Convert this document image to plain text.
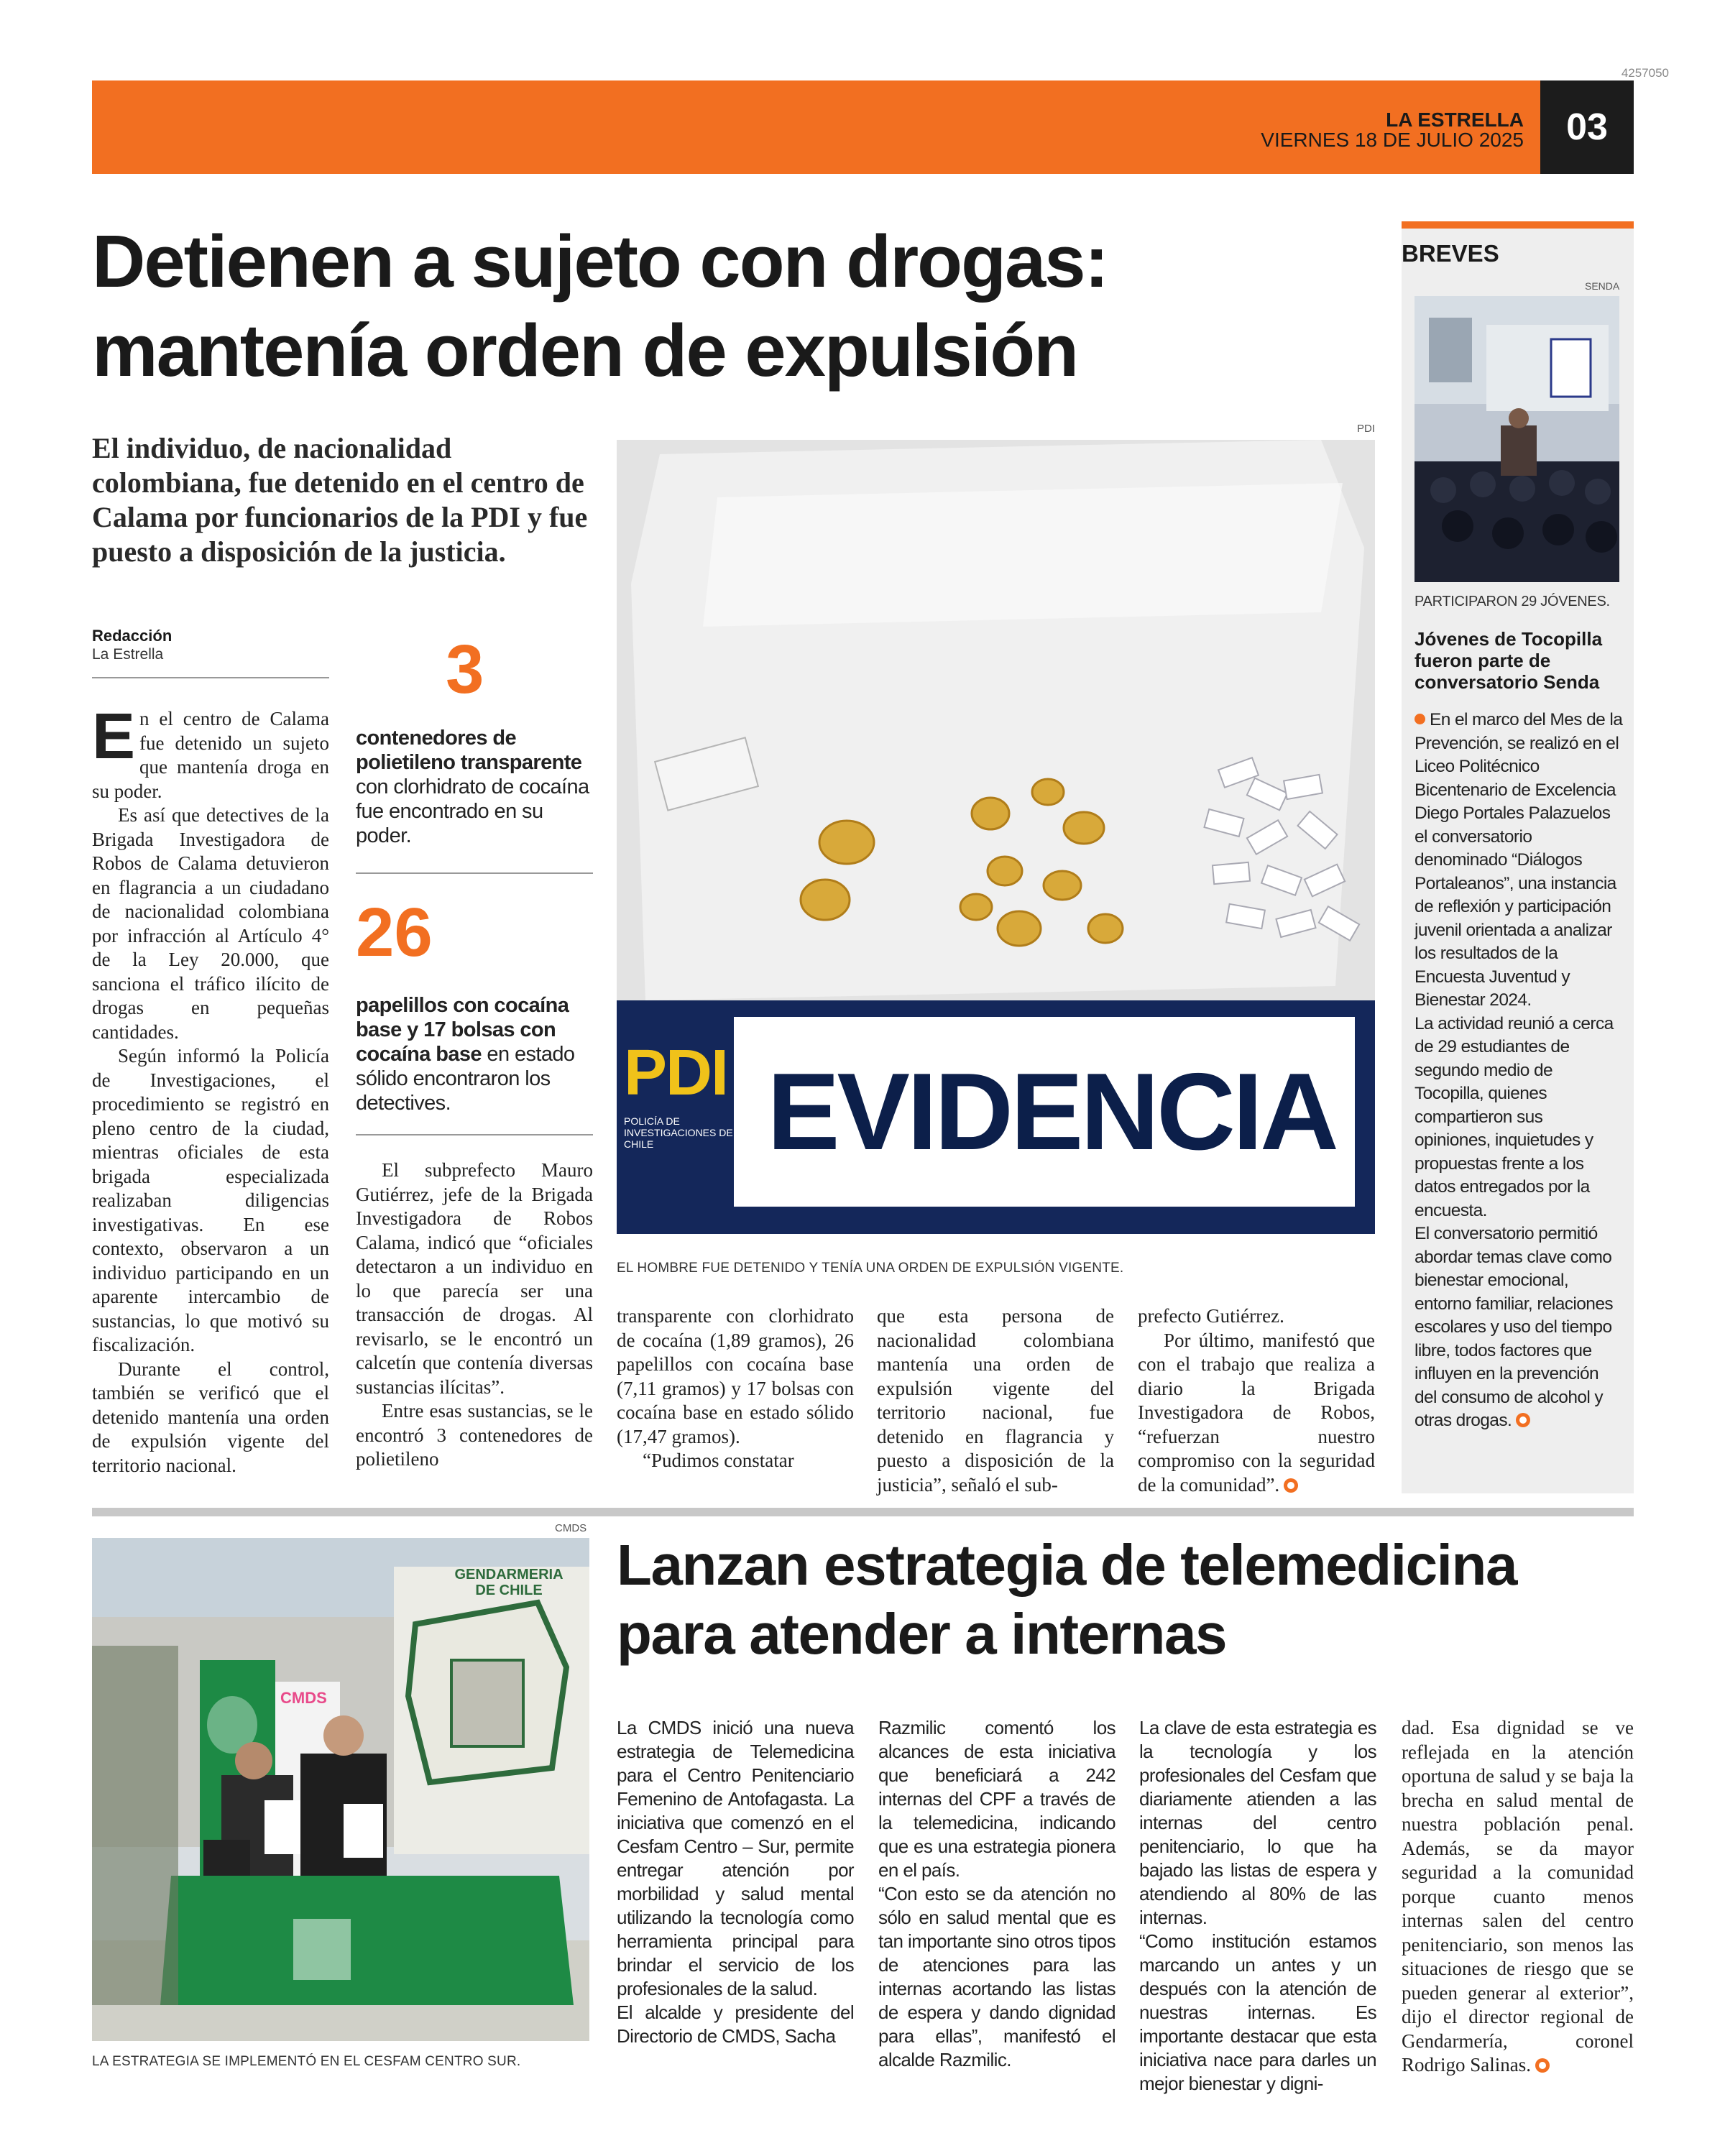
4257050
LA ESTRELLA
VIERNES 18 DE JULIO 2025 03
Detienen a sujeto con drogas:
mantenía orden de expulsión
El individuo, de nacionalidad colombiana, fue detenido en el centro de Calama por funcionarios de la PDI y fue puesto a disposición de la justicia.
Redacción
La Estrella

En el centro de Calama fue detenido un sujeto que mantenía droga en su poder.

Es así que detectives de la Brigada Investigadora de Robos de Calama detuvieron en flagrancia a un ciudadano de nacionalidad colombiana por infracción al Artículo 4° de la Ley 20.000, que sanciona el tráfico ilícito de drogas en pequeñas cantidades.

Según informó la Policía de Investigaciones, el procedimiento se registró en pleno centro de la ciudad, mientras oficiales de esta brigada especializada realizaban diligencias investigativas. En ese contexto, observaron a un individuo participando en un aparente intercambio de sustancias, lo que motivó su fiscalización.

Durante el control, también se verificó que el detenido mantenía una orden de expulsión vigente del territorio nacional.

3
contenedores de polietileno transparente con clorhidrato de cocaína fue encontrado en su poder.
26
papelillos con cocaína base y 17 bolsas con cocaína base en estado sólido encontraron los detectives.

El subprefecto Mauro Gutiérrez, jefe de la Brigada Investigadora de Robos Calama, indicó que “oficiales detectaron a un individuo en lo que parecía ser una transacción de drogas. Al revisarlo, se le encontró un calcetín que contenía diversas sustancias ilícitas”.

Entre esas sustancias, se le encontró 3 contenedores de polietileno

PDI
PDI
POLICÍA DE INVESTIGACIONES DE CHILE	EVIDENCIA
EL HOMBRE FUE DETENIDO Y TENÍA UNA ORDEN DE EXPULSIÓN VIGENTE.

transparente con clorhidrato de cocaína (1,89 gramos), 26 papelillos con cocaína base (7,11 gramos) y 17 bolsas con cocaína base en estado sólido (17,47 gramos).

“Pudimos constatar

que esta persona de nacionalidad colombiana mantenía una orden de expulsión vigente del territorio nacional, fue detenido en flagrancia y puesto a disposición de la justicia”, señaló el sub-

prefecto Gutiérrez.

Por último, manifestó que con el trabajo que realiza a diario la Brigada Investigadora de Robos, “refuerzan nuestro compromiso con la seguridad de la comunidad”.

BREVES
SENDA
PARTICIPARON 29 JÓVENES.
Jóvenes de Tocopilla fueron parte de conversatorio Senda

En el marco del Mes de la Prevención, se realizó en el Liceo Politécnico Bicentenario de Excelencia Diego Portales Palazuelos el conversatorio denominado “Diálogos Portaleanos”, una instancia de reflexión y participación juvenil orientada a analizar los resultados de la Encuesta Juventud y Bienestar 2024.

La actividad reunió a cerca de 29 estudiantes de segundo medio de Tocopilla, quienes compartieron sus opiniones, inquietudes y propuestas frente a los datos entregados por la encuesta.

El conversatorio permitió abordar temas clave como bienestar emocional, entorno familiar, relaciones escolares y uso del tiempo libre, todos factores que influyen en la prevención del consumo de alcohol y otras drogas.

CMDS
GENDARMERIA DE CHILE
CMDS
LA ESTRATEGIA SE IMPLEMENTÓ EN EL CESFAM CENTRO SUR.
Lanzan estrategia de telemedicina
para atender a internas

La CMDS inició una nueva estrategia de Telemedicina para el Centro Penitenciario Femenino de Antofagasta. La iniciativa que comenzó en el Cesfam Centro – Sur, permite entregar atención por morbilidad y salud mental utilizando la tecnología como herramienta principal para brindar el servicio de los profesionales de la salud.

El alcalde y presidente del Directorio de CMDS, Sacha

Razmilic comentó los alcances de esta iniciativa que beneficiará a 242 internas del CPF a través de la telemedicina, indicando que es una estrategia pionera en el país.

“Con esto se da atención no sólo en salud mental que es tan importante sino otros tipos de atenciones para las internas acortando las listas de espera y dando dignidad para ellas”, manifestó el alcalde Razmilic.

La clave de esta estrategia es la tecnología y los profesionales del Cesfam que diariamente atienden a las internas del centro penitenciario, lo que ha bajado las listas de espera y atendiendo al 80% de las internas.

“Como institución estamos marcando un antes y un después con la atención de nuestras internas. Es importante destacar que esta iniciativa nace para darles un mejor bienestar y digni-

dad. Esa dignidad se ve reflejada en la atención oportuna de salud y se baja la brecha en salud mental de nuestra población penal. Además, se da mayor seguridad a la comunidad porque cuanto menos internas salen del centro penitenciario, son menos las situaciones de riesgo que se pueden generar al exterior”, dijo el director regional de Gendarmería, coronel Rodrigo Salinas.
